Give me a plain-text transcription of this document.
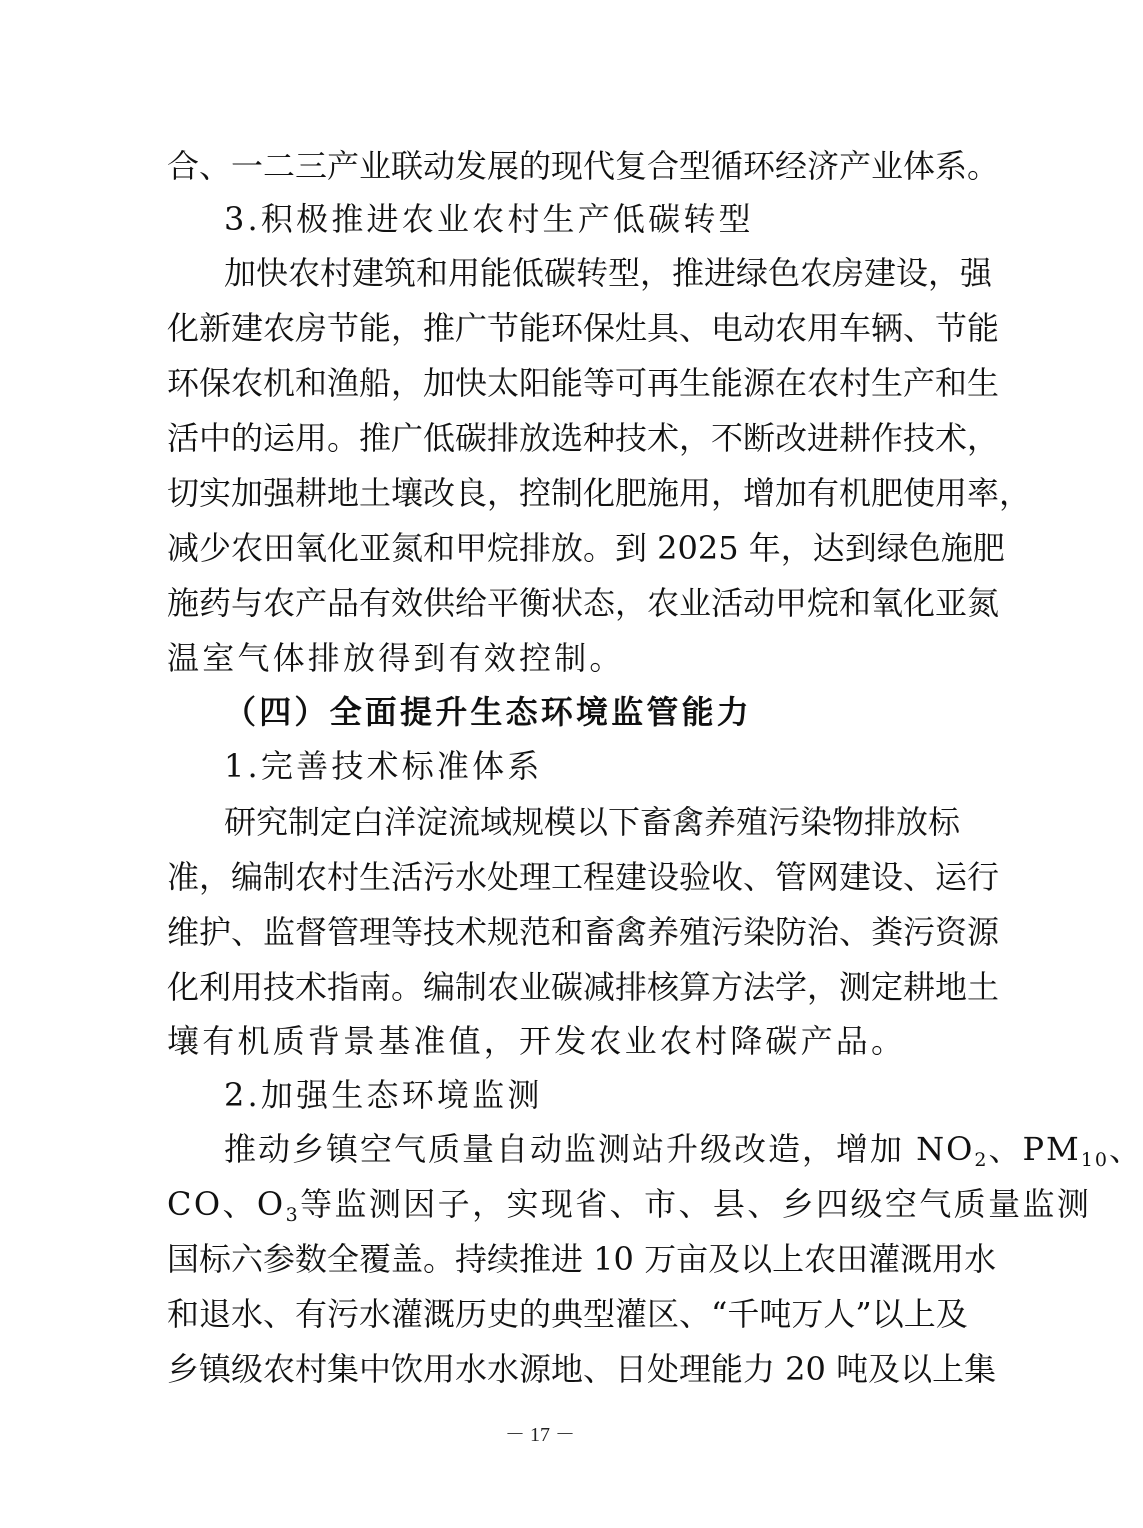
合、一二三产业联动发展的现代复合型循环经济产业体系。
3.积极推进农业农村生产低碳转型
加快农村建筑和用能低碳转型，推进绿色农房建设，强
化新建农房节能，推广节能环保灶具、电动农用车辆、节能
环保农机和渔船，加快太阳能等可再生能源在农村生产和生
活中的运用。推广低碳排放选种技术，不断改进耕作技术，
切实加强耕地土壤改良，控制化肥施用，增加有机肥使用率，
减少农田氧化亚氮和甲烷排放。到 2025 年，达到绿色施肥
施药与农产品有效供给平衡状态，农业活动甲烷和氧化亚氮
温室气体排放得到有效控制。
（四）全面提升生态环境监管能力
1.完善技术标准体系
研究制定白洋淀流域规模以下畜禽养殖污染物排放标
准，编制农村生活污水处理工程建设验收、管网建设、运行
维护、监督管理等技术规范和畜禽养殖污染防治、粪污资源
化利用技术指南。编制农业碳减排核算方法学，测定耕地土
壤有机质背景基准值，开发农业农村降碳产品。
2.加强生态环境监测
推动乡镇空气质量自动监测站升级改造，增加 $NO_2$、$PM_{10}$、
CO、$O_3$等监测因子，实现省、市、县、乡四级空气质量监测
国标六参数全覆盖。持续推进 10 万亩及以上农田灌溉用水
和退水、有污水灌溉历史的典型灌区、“千吨万人”以上及
乡镇级农村集中饮用水水源地、日处理能力 20 吨及以上集
－ 17 －
